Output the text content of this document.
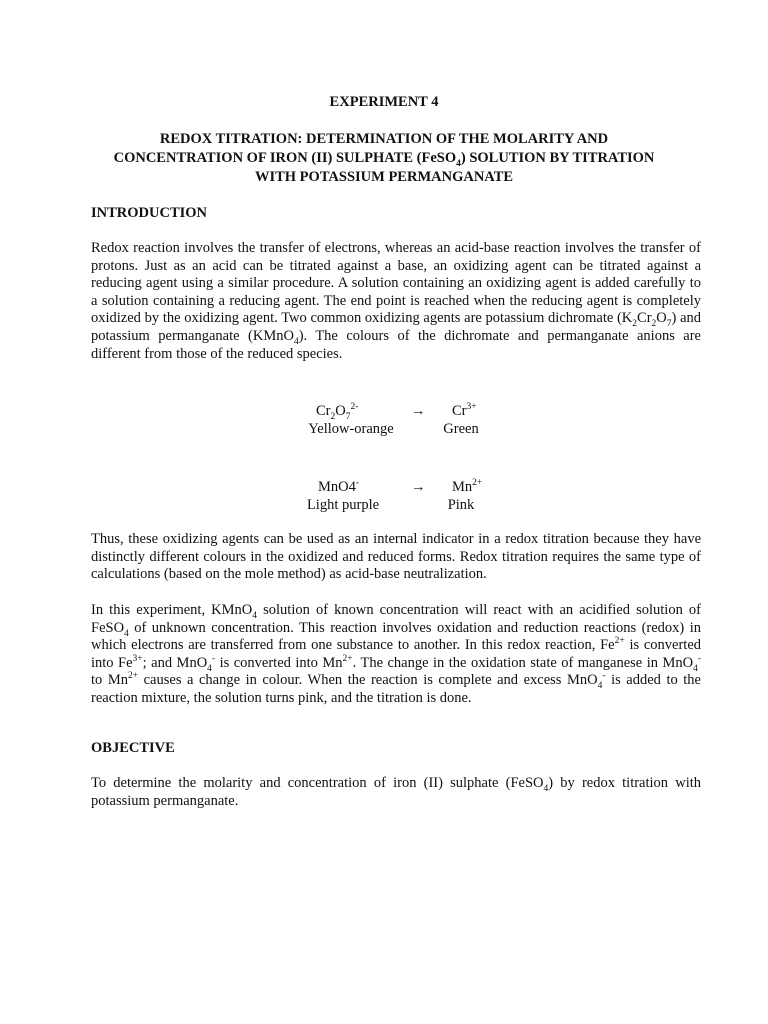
EXPERIMENT 4
REDOX TITRATION: DETERMINATION OF THE MOLARITY AND
CONCENTRATION OF IRON (II) SULPHATE (FeSO$_4$) SOLUTION BY TITRATION
WITH POTASSIUM PERMANGANATE
INTRODUCTION

Redox reaction involves the transfer of electrons, whereas an acid-base reaction involves the transfer of protons. Just as an acid can be titrated against a base, an oxidizing agent can be titrated against a reducing agent using a similar procedure. A solution containing an oxidizing agent is added carefully to a solution containing a reducing agent. The end point is reached when the reducing agent is completely oxidized by the oxidizing agent. Two common oxidizing agents are potassium dichromate $(K_2Cr_2O_7)$ and potassium permanganate (KMnO$_4$). The colours of the dichromate and permanganate anions are different from those of the reduced species.

$Cr_2O_7^{2-}$	→ $Cr^{3+}$
Yellow-orange	Green
MnO4-	→ $Mn^{2+}$
Light purple	Pink

Thus, these oxidizing agents can be used as an internal indicator in a redox titration because they have distinctly different colours in the oxidized and reduced forms. Redox titration requires the same type of calculations (based on the mole method) as acid-base neutralization.

In this experiment, KMnO$_4$ solution of known concentration will react with an acidified solution of FeSO$_4$ of unknown concentration. This reaction involves oxidation and reduction reactions (redox) in which electrons are transferred from one substance to another. In this redox reaction, $Fe^{2+}$ is converted into $Fe^{3+}$; and MnO$_4$- is converted into $Mn^{2+}$. The change in the oxidation state of manganese in MnO$_4$- to $Mn^{2+}$ causes a change in colour. When the reaction is complete and excess MnO$_4$- is added to the reaction mixture, the solution turns pink, and the titration is done.

OBJECTIVE

To determine the molarity and concentration of iron (II) sulphate (FeSO$_4$) by redox titration with potassium permanganate.
